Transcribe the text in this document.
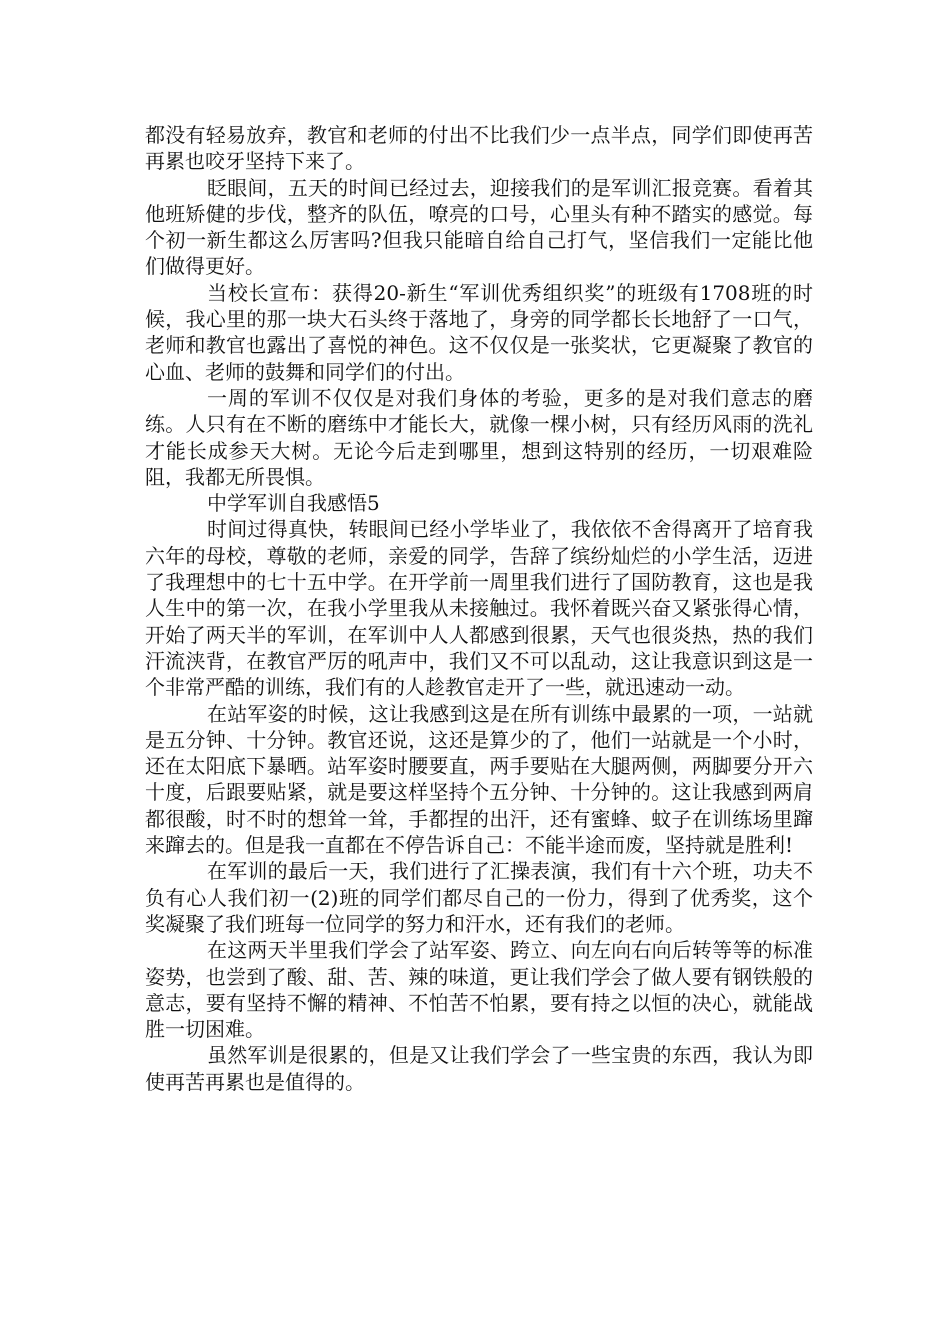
都没有轻易放弃，教官和老师的付出不比我们少一点半点，同学们即使再苦再累也咬牙坚持下来了。

眨眼间，五天的时间已经过去，迎接我们的是军训汇报竞赛。看着其他班矫健的步伐，整齐的队伍，嘹亮的口号，心里头有种不踏实的感觉。每个初一新生都这么厉害吗?但我只能暗自给自己打气，坚信我们一定能比他们做得更好。

当校长宣布：获得20-新生“军训优秀组织奖”的班级有1708班的时候，我心里的那一块大石头终于落地了，身旁的同学都长长地舒了一口气，老师和教官也露出了喜悦的神色。这不仅仅是一张奖状，它更凝聚了教官的心血、老师的鼓舞和同学们的付出。

一周的军训不仅仅是对我们身体的考验，更多的是对我们意志的磨练。人只有在不断的磨练中才能长大，就像一棵小树，只有经历风雨的洗礼才能长成参天大树。无论今后走到哪里，想到这特别的经历，一切艰难险阻，我都无所畏惧。

中学军训自我感悟5

时间过得真快，转眼间已经小学毕业了，我依依不舍得离开了培育我六年的母校，尊敬的老师，亲爱的同学，告辞了缤纷灿烂的小学生活，迈进了我理想中的七十五中学。在开学前一周里我们进行了国防教育，这也是我人生中的第一次，在我小学里我从未接触过。我怀着既兴奋又紧张得心情，开始了两天半的军训，在军训中人人都感到很累，天气也很炎热，热的我们汗流浃背，在教官严厉的吼声中，我们又不可以乱动，这让我意识到这是一个非常严酷的训练，我们有的人趁教官走开了一些，就迅速动一动。

在站军姿的时候，这让我感到这是在所有训练中最累的一项，一站就是五分钟、十分钟。教官还说，这还是算少的了，他们一站就是一个小时，还在太阳底下暴晒。站军姿时腰要直，两手要贴在大腿两侧，两脚要分开六十度，后跟要贴紧，就是要这样坚持个五分钟、十分钟的。这让我感到两肩都很酸，时不时的想耸一耸，手都捏的出汗，还有蜜蜂、蚊子在训练场里蹿来蹿去的。但是我一直都在不停告诉自己：不能半途而废，坚持就是胜利!

在军训的最后一天，我们进行了汇操表演，我们有十六个班，功夫不负有心人我们初一(2)班的同学们都尽自己的一份力，得到了优秀奖，这个奖凝聚了我们班每一位同学的努力和汗水，还有我们的老师。

在这两天半里我们学会了站军姿、跨立、向左向右向后转等等的标准姿势，也尝到了酸、甜、苦、辣的味道，更让我们学会了做人要有钢铁般的意志，要有坚持不懈的精神、不怕苦不怕累，要有持之以恒的决心，就能战胜一切困难。

虽然军训是很累的，但是又让我们学会了一些宝贵的东西，我认为即使再苦再累也是值得的。
